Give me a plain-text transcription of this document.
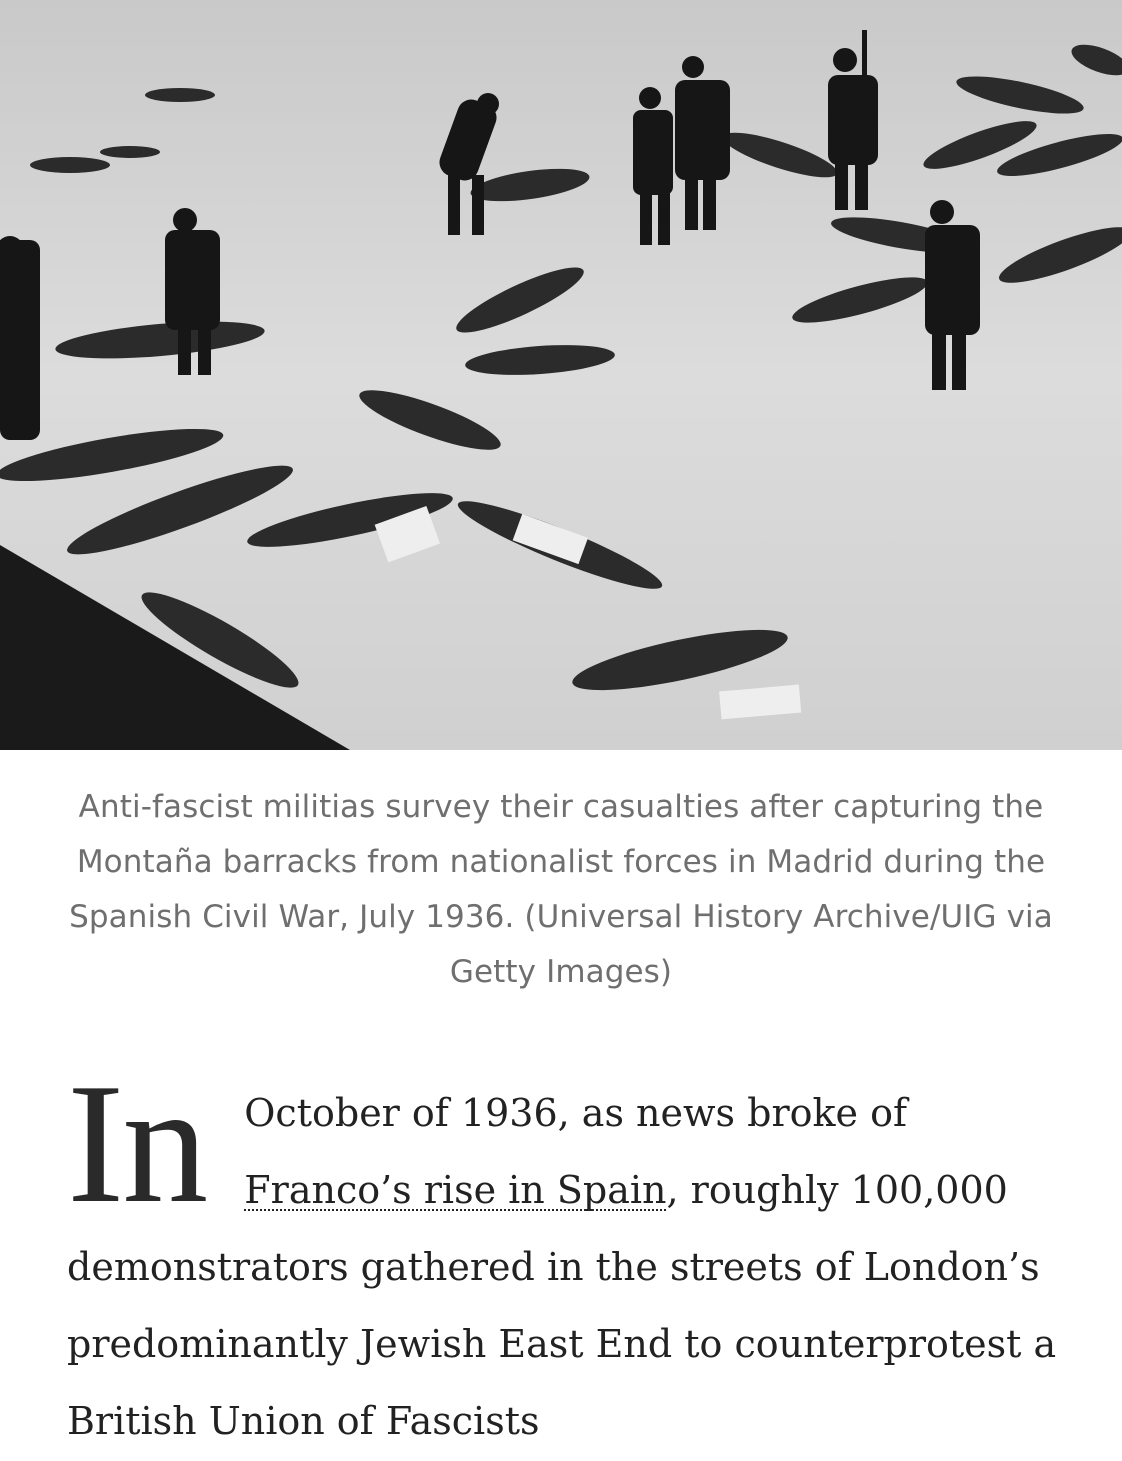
Anti-fascist militias survey their casualties after capturing the Montaña barracks from nationalist forces in Madrid during the Spanish Civil War, July 1936. (Universal History Archive/UIG via Getty Images)
In	October of 1936, as news broke of Franco’s rise in Spain, roughly 100,000 demonstrators gathered in the streets of London’s predominantly Jewish East End to counterprotest a British Union of Fascists
